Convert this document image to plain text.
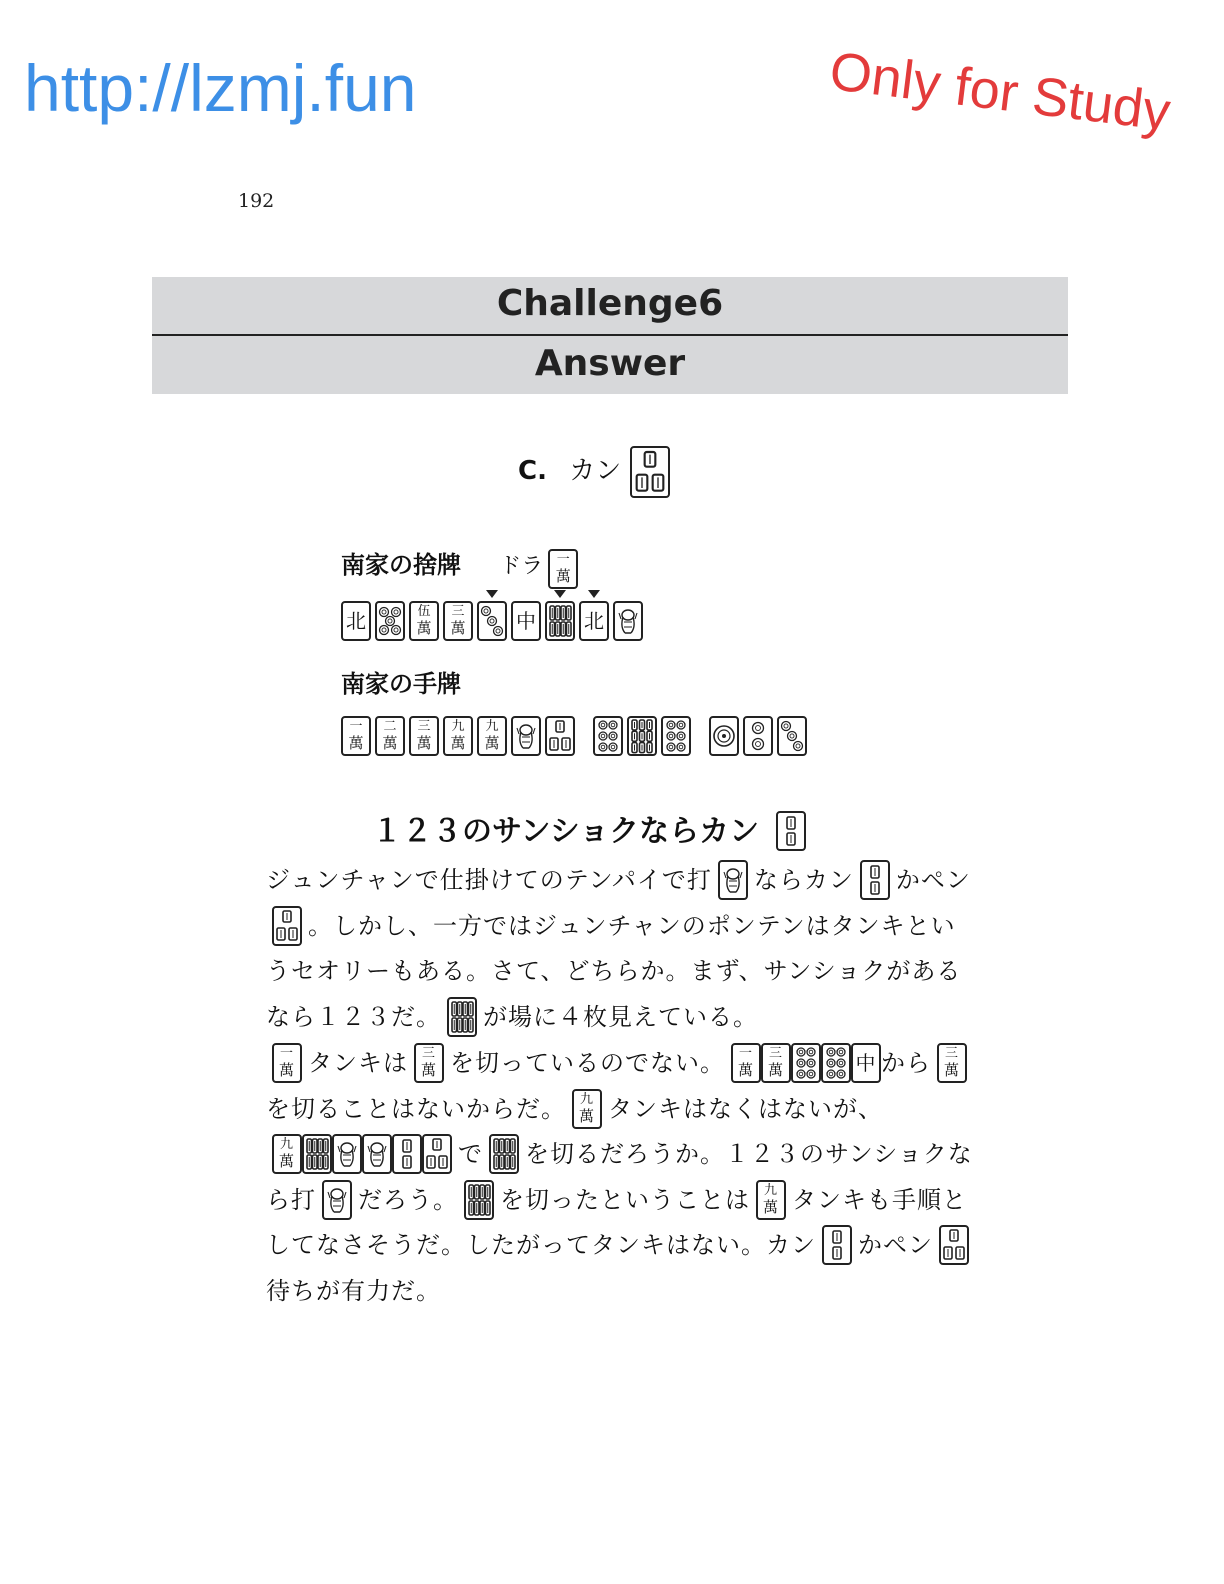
http://lzmj.fun	Only for Study
192
Challenge6
Answer
C. カン
南家の捨牌 ドラ	一
萬
北	伍
萬
三
萬	中 北
南家の手牌
一
萬
二
萬
三
萬
九
萬
九
萬
１２３のサンショクならカン
ジュンチャンで仕掛けてのテンパイで打 ならカン かペン
。しかし、一方ではジュンチャンのポンテンはタンキというセオリーもある。さて、どちらか。まず、サンショクがあるなら１２３だ。 が場に４枚見えている。
一
萬 タンキは	三
萬 を切っているのでない。	一
萬
三
萬	中 から	三
萬
を切ることはないからだ。	九
萬 タンキはなくはないが、
九
萬	で を切るだろうか。１２３のサンショクなら打 だろう。 を切ったということは	九
萬 タンキも手順としてなさそうだ。したがってタンキはない。カン かペン
待ちが有力だ。
